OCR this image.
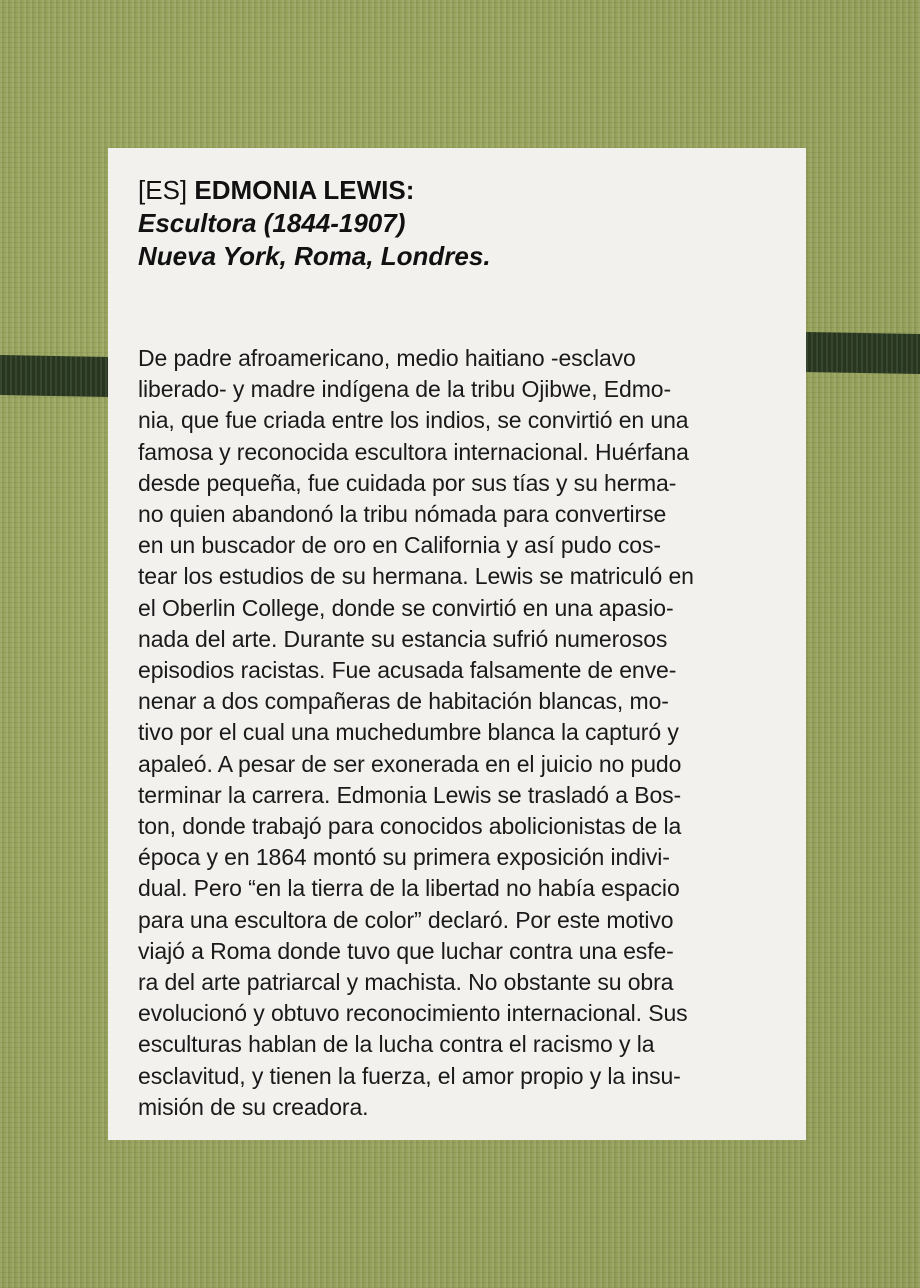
[ES] EDMONIA LEWIS:
Escultora (1844-1907)
Nueva York, Roma, Londres.
De padre afroamericano, medio haitiano -esclavo
liberado- y madre indígena de la tribu Ojibwe, Edmo-
nia, que fue criada entre los indios, se convirtió en una
famosa y reconocida escultora internacional. Huérfana
desde pequeña, fue cuidada por sus tías y su herma-
no quien abandonó la tribu nómada para convertirse
en un buscador de oro en California y así pudo cos-
tear los estudios de su hermana. Lewis se matriculó en
el Oberlin College, donde se convirtió en una apasio-
nada del arte. Durante su estancia sufrió numerosos
episodios racistas. Fue acusada falsamente de enve-
nenar a dos compañeras de habitación blancas, mo-
tivo por el cual una muchedumbre blanca la capturó y
apaleó. A pesar de ser exonerada en el juicio no pudo
terminar la carrera. Edmonia Lewis se trasladó a Bos-
ton, donde trabajó para conocidos abolicionistas de la
época y en 1864 montó su primera exposición indivi-
dual. Pero “en la tierra de la libertad no había espacio
para una escultora de color” declaró. Por este motivo
viajó a Roma donde tuvo que luchar contra una esfe-
ra del arte patriarcal y machista. No obstante su obra
evolucionó y obtuvo reconocimiento internacional. Sus
esculturas hablan de la lucha contra el racismo y la
esclavitud, y tienen la fuerza, el amor propio y la insu-
misión de su creadora.
